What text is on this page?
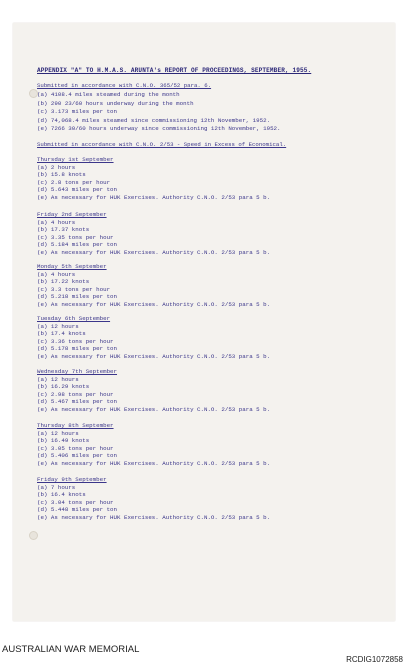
APPENDIX "A" TO H.M.A.S. ARUNTA's REPORT OF PROCEEDINGS, SEPTEMBER, 1955.
Submitted in accordance with C.N.O. 365/52 para. 6.
(a) 4108.4 miles steamed during the month
(b) 290 23/60 hours underway during the month
(c) 3.173 miles per ton
(d) 74,068.4 miles steamed since commissioning 12th November, 1952.
(e) 7266 30/60 hours underway since commissioning 12th November, 1952.
Submitted in accordance with C.N.O. 2/53 - Speed in Excess of Economical.
Thursday 1st September
(a) 2 hours
(b) 15.8 knots
(c) 2.8 tons per hour
(d) 5.643 miles per ton
(e) As necessary for HUK Exercises. Authority C.N.O. 2/53 para 5 b.
Friday 2nd September
(a) 4 hours
(b) 17.37 knots
(c) 3.35 tons per hour
(d) 5.184 miles per ton
(e) As necessary for HUK Exercises. Authority C.N.O. 2/53 para 5 b.
Monday 5th September
(a) 4 hours
(b) 17.22 knots
(c) 3.3 tons per hour
(d) 5.218 miles per ton
(e) As necessary for HUK Exercises. Authority C.N.O. 2/53 para 5 b.
Tuesday 6th September
(a) 12 hours
(b) 17.4 knots
(c) 3.36 tons per hour
(d) 5.178 miles per ton
(e) As necessary for HUK Exercises. Authority C.N.O. 2/53 para 5 b.
Wednesday 7th September
(a) 12 hours
(b) 16.29 knots
(c) 2.98 tons per hour
(d) 5.467 miles per ton
(e) As necessary for HUK Exercises. Authority C.N.O. 2/53 para 5 b.
Thursday 8th September
(a) 12 hours
(b) 16.49 knots
(c) 3.05 tons per hour
(d) 5.406 miles per ton
(e) As necessary for HUK Exercises. Authority C.N.O. 2/53 para 5 b.
Friday 9th September
(a) 7 hours
(b) 16.4 knots
(c) 3.04 tons per hour
(d) 5.448 miles per ton
(e) As necessary for HUK Exercises. Authority C.N.O. 2/53 para 5 b.
AUSTRALIAN WAR MEMORIAL
RCDIG1072858
